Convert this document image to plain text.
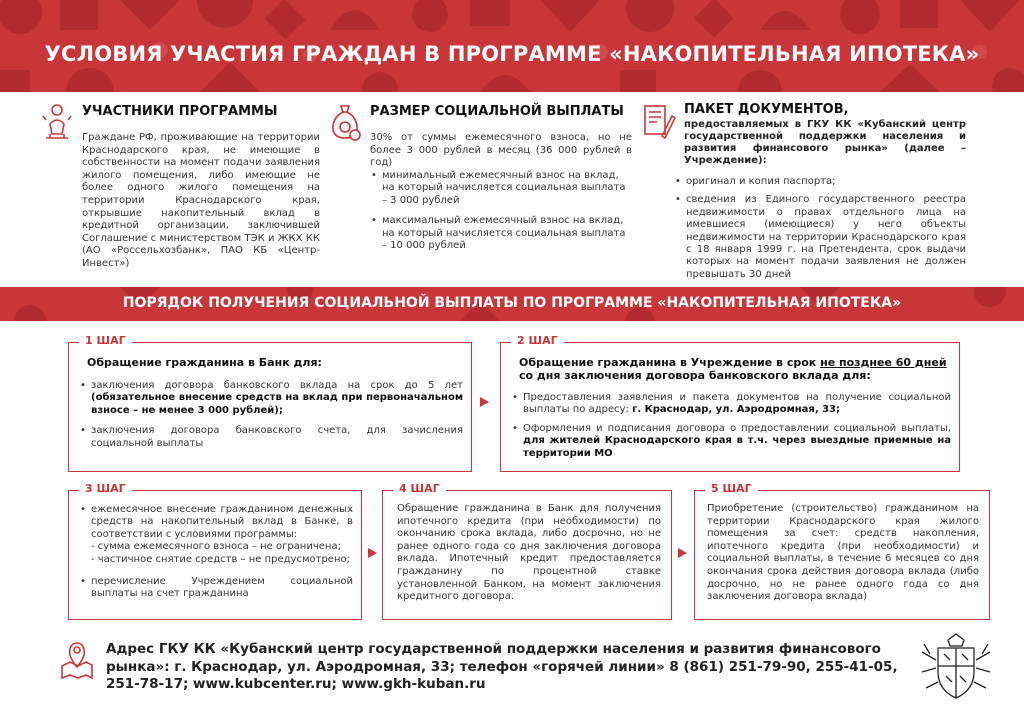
УСЛОВИЯ УЧАСТИЯ ГРАЖДАН В ПРОГРАММЕ «НАКОПИТЕЛЬНАЯ ИПОТЕКА»
УЧАСТНИКИ ПРОГРАММЫ

Граждане РФ, проживающие на территории Краснодарского края, не имеющие в собственности на момент подачи заявления жилого помещения, либо имеющие не более одного жилого помещения на территории Краснодарского края, открывшие накопительный вклад в кредитной организации, заключившей Соглашение с министерством ТЭК и ЖКХ КК (АО «Россельхозбанк», ПАО КБ «Центр-Инвест»)

РАЗМЕР СОЦИАЛЬНОЙ ВЫПЛАТЫ

30% от суммы ежемесячного взноса, но не более 3 000 рублей в месяц (36 000 рублей в год)

• минимальный ежемесячный взнос на вклад, на который начисляется социальная выплата – 3 000 рублей
• максимальный ежемесячный взнос на вклад, на который начисляется социальная выплата – 10 000 рублей
ПАКЕТ ДОКУМЕНТОВ,
предоставляемых в ГКУ КК «Кубанский центр государственной поддержки населения и развития финансового рынка» (далее – Учреждение):
• оригинал и копия паспорта;
• сведения из Единого государственного реестра недвижимости о правах отдельного лица на имевшиеся (имеющиеся) у него объекты недвижимости на территории Краснодарского края с 18 января 1999 г. на Претендента, срок выдачи которых на момент подачи заявления не должен превышать 30 дней
ПОРЯДОК ПОЛУЧЕНИЯ СОЦИАЛЬНОЙ ВЫПЛАТЫ ПО ПРОГРАММЕ «НАКОПИТЕЛЬНАЯ ИПОТЕКА»
1 ШАГ
Обращение гражданина в Банк для:
• заключения договора банковского вклада на срок до 5 лет (обязательное внесение средств на вклад при первоначальном взносе – не менее 3 000 рублей);
• заключения договора банковского счета, для зачисления социальной выплаты
2 ШАГ
Обращение гражданина в Учреждение в срок не позднее 60 дней со дня заключения договора банковского вклада для:
• Предоставления заявления и пакета документов на получение социальной выплаты по адресу: г. Краснодар, ул. Аэродромная, 33;
• Оформления и подписания договора о предоставлении социальной выплаты, для жителей Краснодарского края в т.ч. через выездные приемные на территории МО
3 ШАГ
• ежемесячное внесение гражданином денежных средств на накопительный вклад в Банке, в соответствии с условиями программы:
- сумма ежемесячного взноса – не ограничена;
- частичное снятие средств – не предусмотрено;
• перечисление Учреждением социальной выплаты на счет гражданина
4 ШАГ

Обращение гражданина в Банк для получения ипотечного кредита (при необходимости) по окончанию срока вклада, либо досрочно, но не ранее одного года со дня заключения договора вклада. Ипотечный кредит предоставляется гражданину по процентной ставке установленной Банком, на момент заключения кредитного договора.

5 ШАГ

Приобретение (строительство) гражданином на территории Краснодарского края жилого помещения за счет: средств накопления, ипотечного кредита (при необходимости) и социальной выплаты, в течение 6 месяцев со дня окончания срока действия договора вклада (либо досрочно, но не ранее одного года со дня заключения договора вклада)

Адрес ГКУ КК «Кубанский центр государственной поддержки населения и развития финансового рынка»: г. Краснодар, ул. Аэродромная, 33; телефон «горячей линии» 8 (861) 251-79-90, 255-41-05, 251-78-17; www.kubcenter.ru; www.gkh-kuban.ru
